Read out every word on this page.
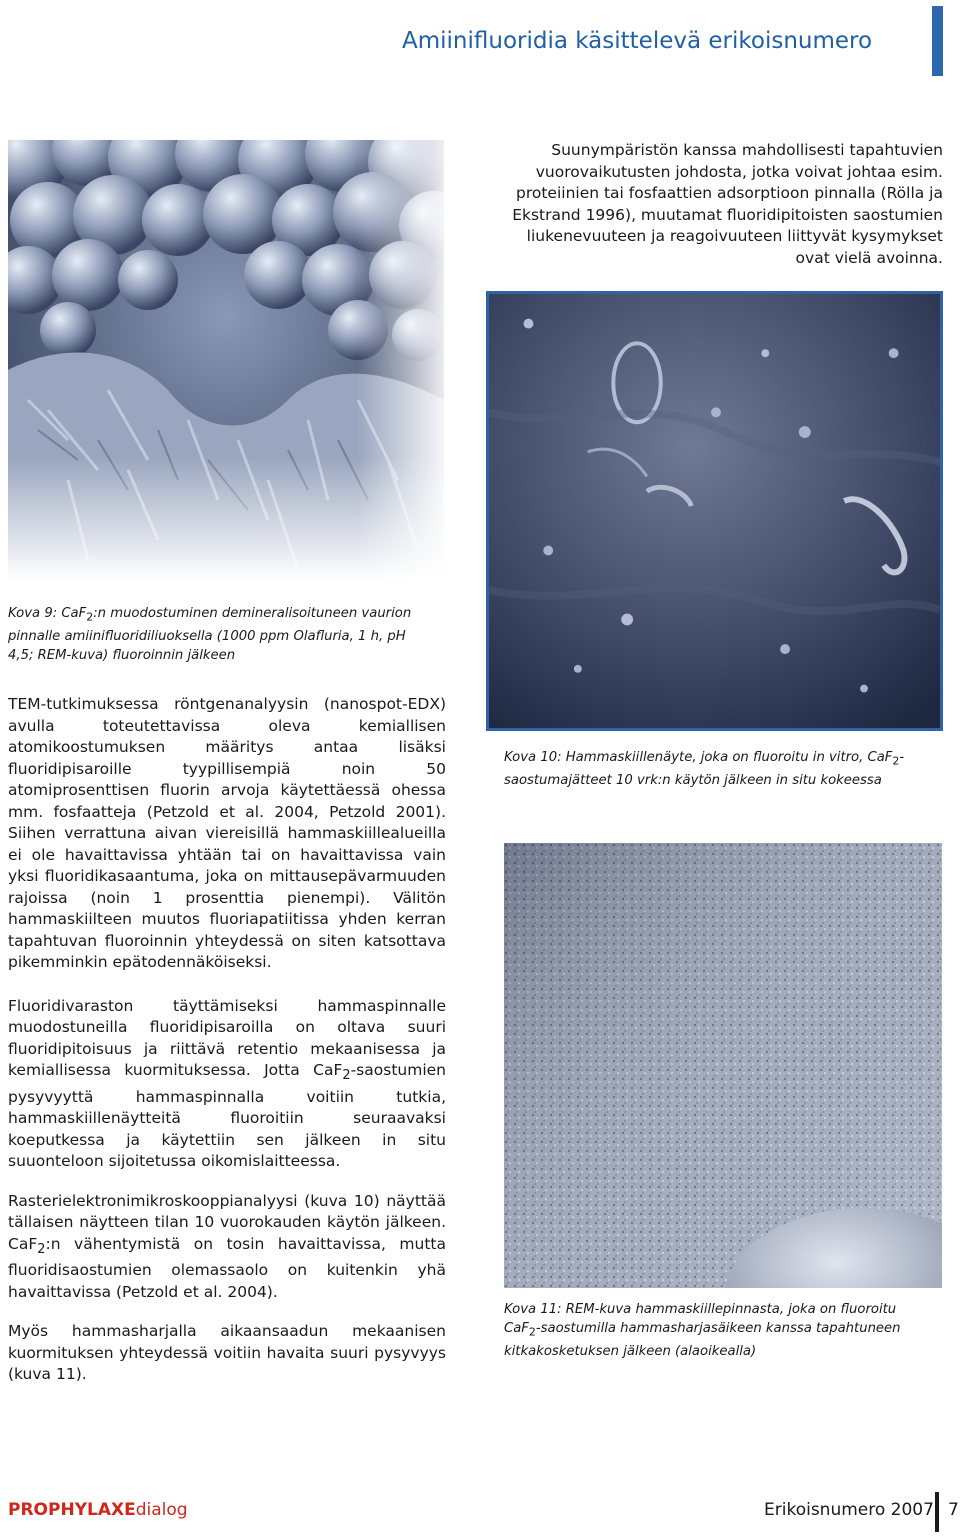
Amiinifluoridia käsittelevä erikoisnumero
Suunympäristön kanssa mahdollisesti tapahtuvien vuorovaikutusten johdosta, jotka voivat johtaa esim. proteiinien tai fosfaattien adsorptioon pinnalla (Rölla ja Ekstrand 1996), muutamat fluoridipitoisten saostumien liukenevuuteen ja reagoivuuteen liittyvät kysymykset ovat vielä avoinna.
Kova 9: CaF$_2$:n muodostuminen demineralisoituneen vaurion pinnalle amiinifluoridiliuoksella (1000 ppm Olafluria, 1 h, pH 4,5; REM-kuva) fluoroinnin jälkeen

TEM-tutkimuksessa röntgenanalyysin (nanospot-EDX) avulla toteutettavissa oleva kemiallisen atomikoostumuksen määritys antaa lisäksi fluoridipisaroille tyypillisempiä noin 50 atomiprosenttisen fluorin arvoja käytettäessä ohessa mm. fosfaatteja (Petzold et al. 2004, Petzold 2001). Siihen verrattuna aivan viereisillä hammaskiillealueilla ei ole havaittavissa yhtään tai on havaittavissa vain yksi fluoridikasaantuma, joka on mittausepävarmuuden rajoissa (noin 1 prosenttia pienempi). Välitön hammaskiilteen muutos fluoriapatiitissa yhden kerran tapahtuvan fluoroinnin yhteydessä on siten katsottava pikemminkin epätodennäköiseksi.

Fluoridivaraston täyttämiseksi hammaspinnalle muodostuneilla fluoridipisaroilla on oltava suuri fluoridipitoisuus ja riittävä retentio mekaanisessa ja kemiallisessa kuormituksessa. Jotta CaF$_2$-saostumien pysyvyyttä hammaspinnalla voitiin tutkia, hammaskiillenäytteitä fluoroitiin seuraavaksi koeputkessa ja käytettiin sen jälkeen in situ suuonteloon sijoitetussa oikomislaitteessa.

Rasterielektronimikroskooppianalyysi (kuva 10) näyttää tällaisen näytteen tilan 10 vuorokauden käytön jälkeen. CaF$_2$:n vähentymistä on tosin havaittavissa, mutta fluoridisaostumien olemassaolo on kuitenkin yhä havaittavissa (Petzold et al. 2004).

Myös hammasharjalla aikaansaadun mekaanisen kuormituksen yhteydessä voitiin havaita suuri pysyvyys (kuva 11).

Kova 10: Hammaskiillenäyte, joka on fluoroitu in vitro, CaF$_2$-saostumajätteet 10 vrk:n käytön jälkeen in situ kokeessa
Kova 11: REM-kuva hammaskiillepinnasta, joka on fluoroitu CaF$_2$-saostumilla hammasharjasäikeen kanssa tapahtuneen kitkakosketuksen jälkeen (alaoikealla)
PROPHYLAXEdialog	Erikoisnumero 2007 7
